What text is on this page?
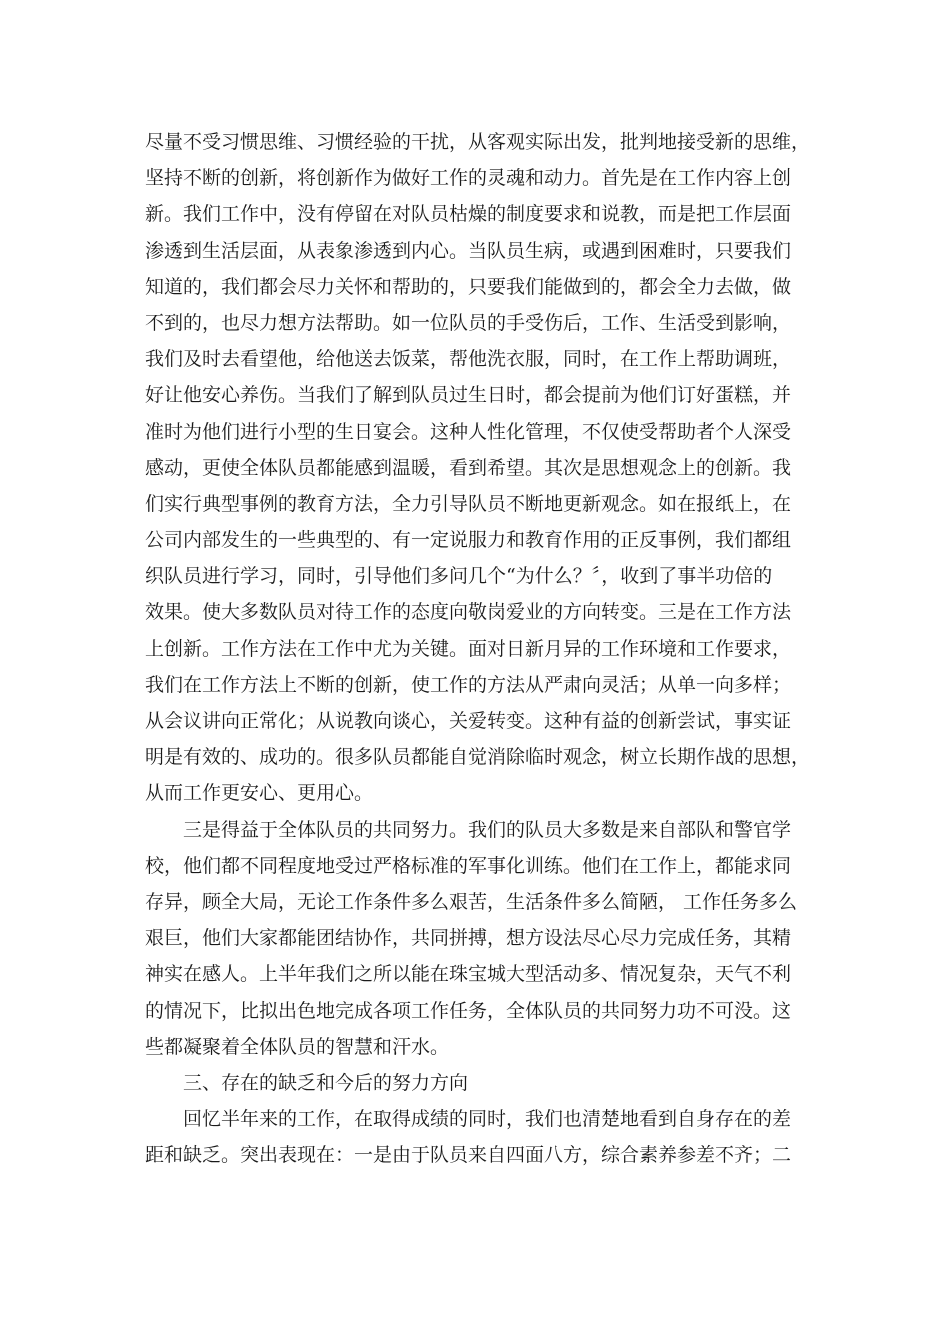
尽量不受习惯思维、习惯经验的干扰，从客观实际出发，批判地接受新的思维，
坚持不断的创新，将创新作为做好工作的灵魂和动力。首先是在工作内容上创
新。我们工作中，没有停留在对队员枯燥的制度要求和说教，而是把工作层面
渗透到生活层面，从表象渗透到内心。当队员生病，或遇到困难时，只要我们
知道的，我们都会尽力关怀和帮助的，只要我们能做到的，都会全力去做，做
不到的，也尽力想方法帮助。如一位队员的手受伤后，工作、生活受到影响，
我们及时去看望他，给他送去饭菜，帮他洗衣服，同时，在工作上帮助调班，
好让他安心养伤。当我们了解到队员过生日时，都会提前为他们订好蛋糕，并
准时为他们进行小型的生日宴会。这种人性化管理，不仅使受帮助者个人深受
感动，更使全体队员都能感到温暖，看到希望。其次是思想观念上的创新。我
们实行典型事例的教育方法，全力引导队员不断地更新观念。如在报纸上，在
公司内部发生的一些典型的、有一定说服力和教育作用的正反事例，我们都组
织队员进行学习，同时，引导他们多问几个“为什么？〞，收到了事半功倍的
效果。使大多数队员对待工作的态度向敬岗爱业的方向转变。三是在工作方法
上创新。工作方法在工作中尤为关键。面对日新月异的工作环境和工作要求，
我们在工作方法上不断的创新，使工作的方法从严肃向灵活；从单一向多样；
从会议讲向正常化；从说教向谈心，关爱转变。这种有益的创新尝试，事实证
明是有效的、成功的。很多队员都能自觉消除临时观念，树立长期作战的思想，
从而工作更安心、更用心。
　　三是得益于全体队员的共同努力。我们的队员大多数是来自部队和警官学
校，他们都不同程度地受过严格标准的军事化训练。他们在工作上，都能求同
存异，顾全大局，无论工作条件多么艰苦，生活条件多么简陋， 工作任务多么
艰巨，他们大家都能团结协作，共同拼搏，想方设法尽心尽力完成任务，其精
神实在感人。上半年我们之所以能在珠宝城大型活动多、情况复杂，天气不利
的情况下，比拟出色地完成各项工作任务，全体队员的共同努力功不可没。这
些都凝聚着全体队员的智慧和汗水。
　　三、存在的缺乏和今后的努力方向
　　回忆半年来的工作，在取得成绩的同时，我们也清楚地看到自身存在的差
距和缺乏。突出表现在：一是由于队员来自四面八方，综合素养参差不齐；二
